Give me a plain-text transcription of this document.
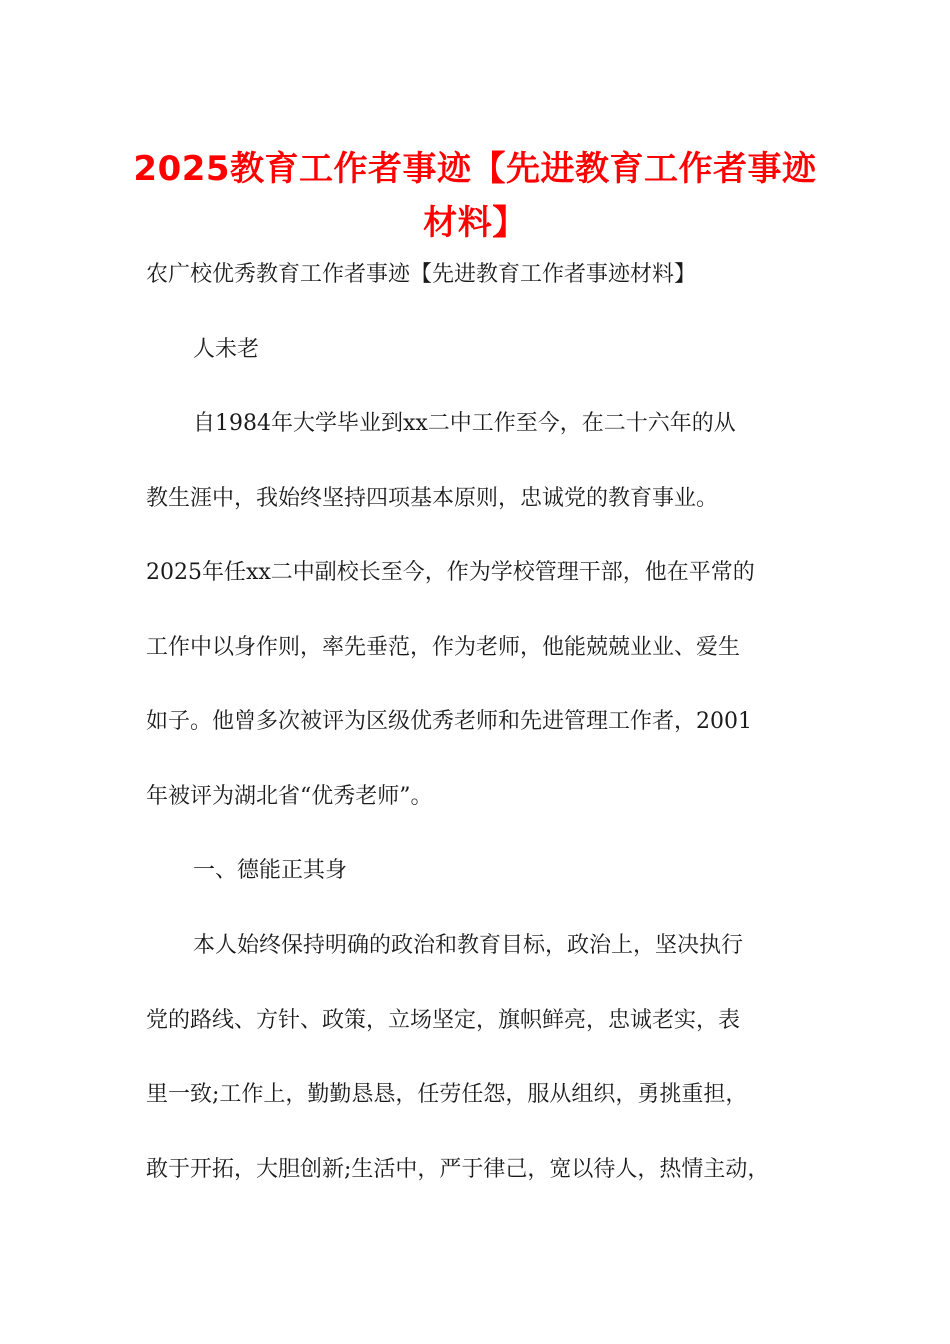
2025教育工作者事迹【先进教育工作者事迹
材料】
农广校优秀教育工作者事迹【先进教育工作者事迹材料】
人未老
自1984年大学毕业到xx二中工作至今，在二十六年的从
教生涯中，我始终坚持四项基本原则，忠诚党的教育事业。
2025年任xx二中副校长至今，作为学校管理干部，他在平常的
工作中以身作则，率先垂范，作为老师，他能兢兢业业、爱生
如子。他曾多次被评为区级优秀老师和先进管理工作者，2001
年被评为湖北省“优秀老师”。
一、德能正其身
本人始终保持明确的政治和教育目标，政治上，坚决执行
党的路线、方针、政策，立场坚定，旗帜鲜亮，忠诚老实，表
里一致;工作上，勤勤恳恳，任劳任怨，服从组织，勇挑重担，
敢于开拓，大胆创新;生活中，严于律己，宽以待人，热情主动，
